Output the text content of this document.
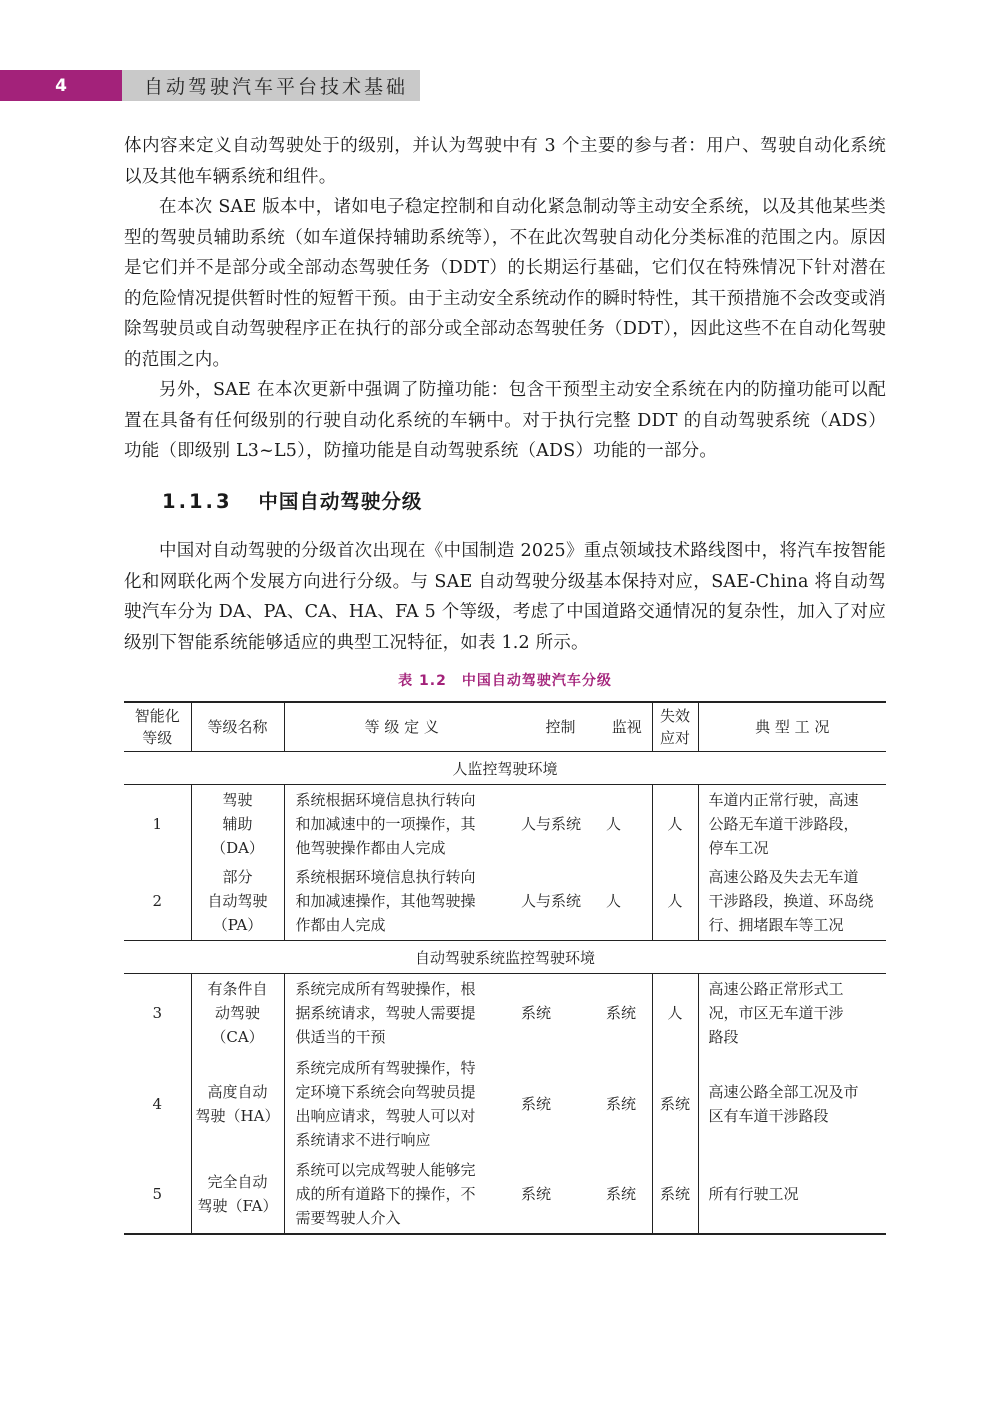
4	自动驾驶汽车平台技术基础

体内容来定义自动驾驶处于的级别，并认为驾驶中有 3 个主要的参与者：用户、驾驶自动化系统以及其他车辆系统和组件。

在本次 SAE 版本中，诸如电子稳定控制和自动化紧急制动等主动安全系统，以及其他某些类型的驾驶员辅助系统（如车道保持辅助系统等），不在此次驾驶自动化分类标准的范围之内。原因是它们并不是部分或全部动态驾驶任务（DDT）的长期运行基础，它们仅在特殊情况下针对潜在的危险情况提供暂时性的短暂干预。由于主动安全系统动作的瞬时特性，其干预措施不会改变或消除驾驶员或自动驾驶程序正在执行的部分或全部动态驾驶任务（DDT），因此这些不在自动化驾驶的范围之内。

另外，SAE 在本次更新中强调了防撞功能：包含干预型主动安全系统在内的防撞功能可以配置在具备有任何级别的行驶自动化系统的车辆中。对于执行完整 DDT 的自动驾驶系统（ADS）功能（即级别 L3~L5），防撞功能是自动驾驶系统（ADS）功能的一部分。

1.1.3 中国自动驾驶分级

中国对自动驾驶的分级首次出现在《中国制造 2025》重点领域技术路线图中，将汽车按智能化和网联化两个发展方向进行分级。与 SAE 自动驾驶分级基本保持对应，SAE-China 将自动驾驶汽车分为 DA、PA、CA、HA、FA 5 个等级，考虑了中国道路交通情况的复杂性，加入了对应级别下智能系统能够适应的典型工况特征，如表 1.2 所示。

表 1.2　中国自动驾驶汽车分级
智能化
等级	等级名称	等 级 定 义	控制	监视	失效
应对	典 型 工 况
人监控驾驶环境						
1	驾驶
辅助
（DA）	系统根据环境信息执行转向
和加减速中的一项操作，其
他驾驶操作都由人完成	人与系统	人	人	车道内正常行驶，高速
公路无车道干涉路段，
停车工况

2	部分
自动驾驶
（PA）	系统根据环境信息执行转向
和加减速操作，其他驾驶操
作都由人完成	人与系统	人	人	高速公路及失去无车道
干涉路段，换道、环岛绕
行、拥堵跟车等工况

自动驾驶系统监控驾驶环境						
3	有条件自
动驾驶
（CA）	系统完成所有驾驶操作，根
据系统请求，驾驶人需要提
供适当的干预	系统	系统	人	高速公路正常形式工
况，市区无车道干涉
路段

4	高度自动
驾驶（HA）	系统完成所有驾驶操作，特
定环境下系统会向驾驶员提
出响应请求，驾驶人可以对
系统请求不进行响应	系统	系统	系统	高速公路全部工况及市
区有车道干涉路段

5	完全自动
驾驶（FA）	系统可以完成驾驶人能够完
成的所有道路下的操作，不
需要驾驶人介入	系统	系统	系统	所有行驶工况
